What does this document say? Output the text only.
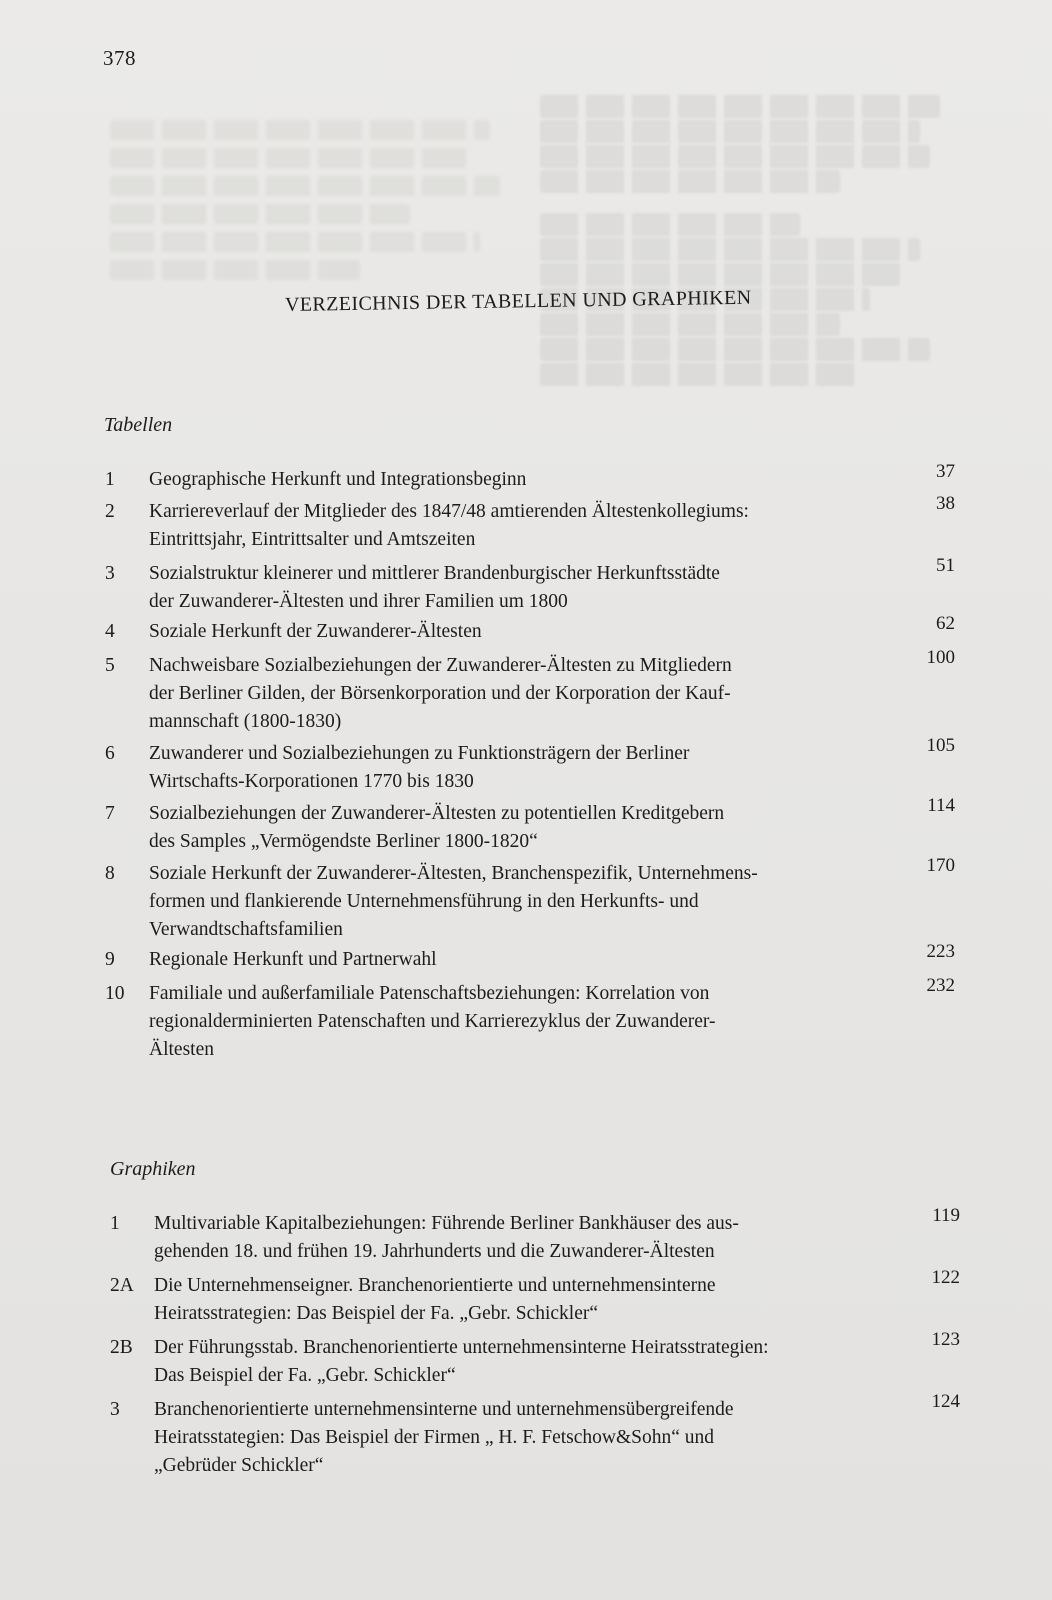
378
VERZEICHNIS DER TABELLEN UND GRAPHIKEN
Tabellen
1	Geographische Herkunft und Integrationsbeginn	37
2	Karriereverlauf der Mitglieder des 1847/48 amtierenden Ältestenkollegiums:
Eintrittsjahr, Eintrittsalter und Amtszeiten
38
3	Sozialstruktur kleinerer und mittlerer Brandenburgischer Herkunftsstädte
der Zuwanderer-Ältesten und ihrer Familien um 1800
51
4	Soziale Herkunft der Zuwanderer-Ältesten	62
5	Nachweisbare Sozialbeziehungen der Zuwanderer-Ältesten zu Mitgliedern
der Berliner Gilden, der Börsenkorporation und der Korporation der Kauf-
mannschaft (1800-1830)
100
6	Zuwanderer und Sozialbeziehungen zu Funktionsträgern der Berliner
Wirtschafts-Korporationen 1770 bis 1830
105
7	Sozialbeziehungen der Zuwanderer-Ältesten zu potentiellen Kreditgebern
des Samples „Vermögendste Berliner 1800-1820“
114
8	Soziale Herkunft der Zuwanderer-Ältesten, Branchenspezifik, Unternehmens-
formen und flankierende Unternehmensführung in den Herkunfts- und
Verwandtschaftsfamilien
170
9	Regionale Herkunft und Partnerwahl	223
10	Familiale und außerfamiliale Patenschaftsbeziehungen: Korrelation von
regionalderminierten Patenschaften und Karrierezyklus der Zuwanderer-
Ältesten
232
Graphiken
1	Multivariable Kapitalbeziehungen: Führende Berliner Bankhäuser des aus-
gehenden 18. und frühen 19. Jahrhunderts und die Zuwanderer-Ältesten
119
2A	Die Unternehmenseigner. Branchenorientierte und unternehmensinterne
Heiratsstrategien: Das Beispiel der Fa. „Gebr. Schickler“
122
2B	Der Führungsstab. Branchenorientierte unternehmensinterne Heiratsstrategien:
Das Beispiel der Fa. „Gebr. Schickler“
123
3	Branchenorientierte unternehmensinterne und unternehmensübergreifende
Heiratsstategien: Das Beispiel der Firmen „ H. F. Fetschow&Sohn“ und
„Gebrüder Schickler“
124
